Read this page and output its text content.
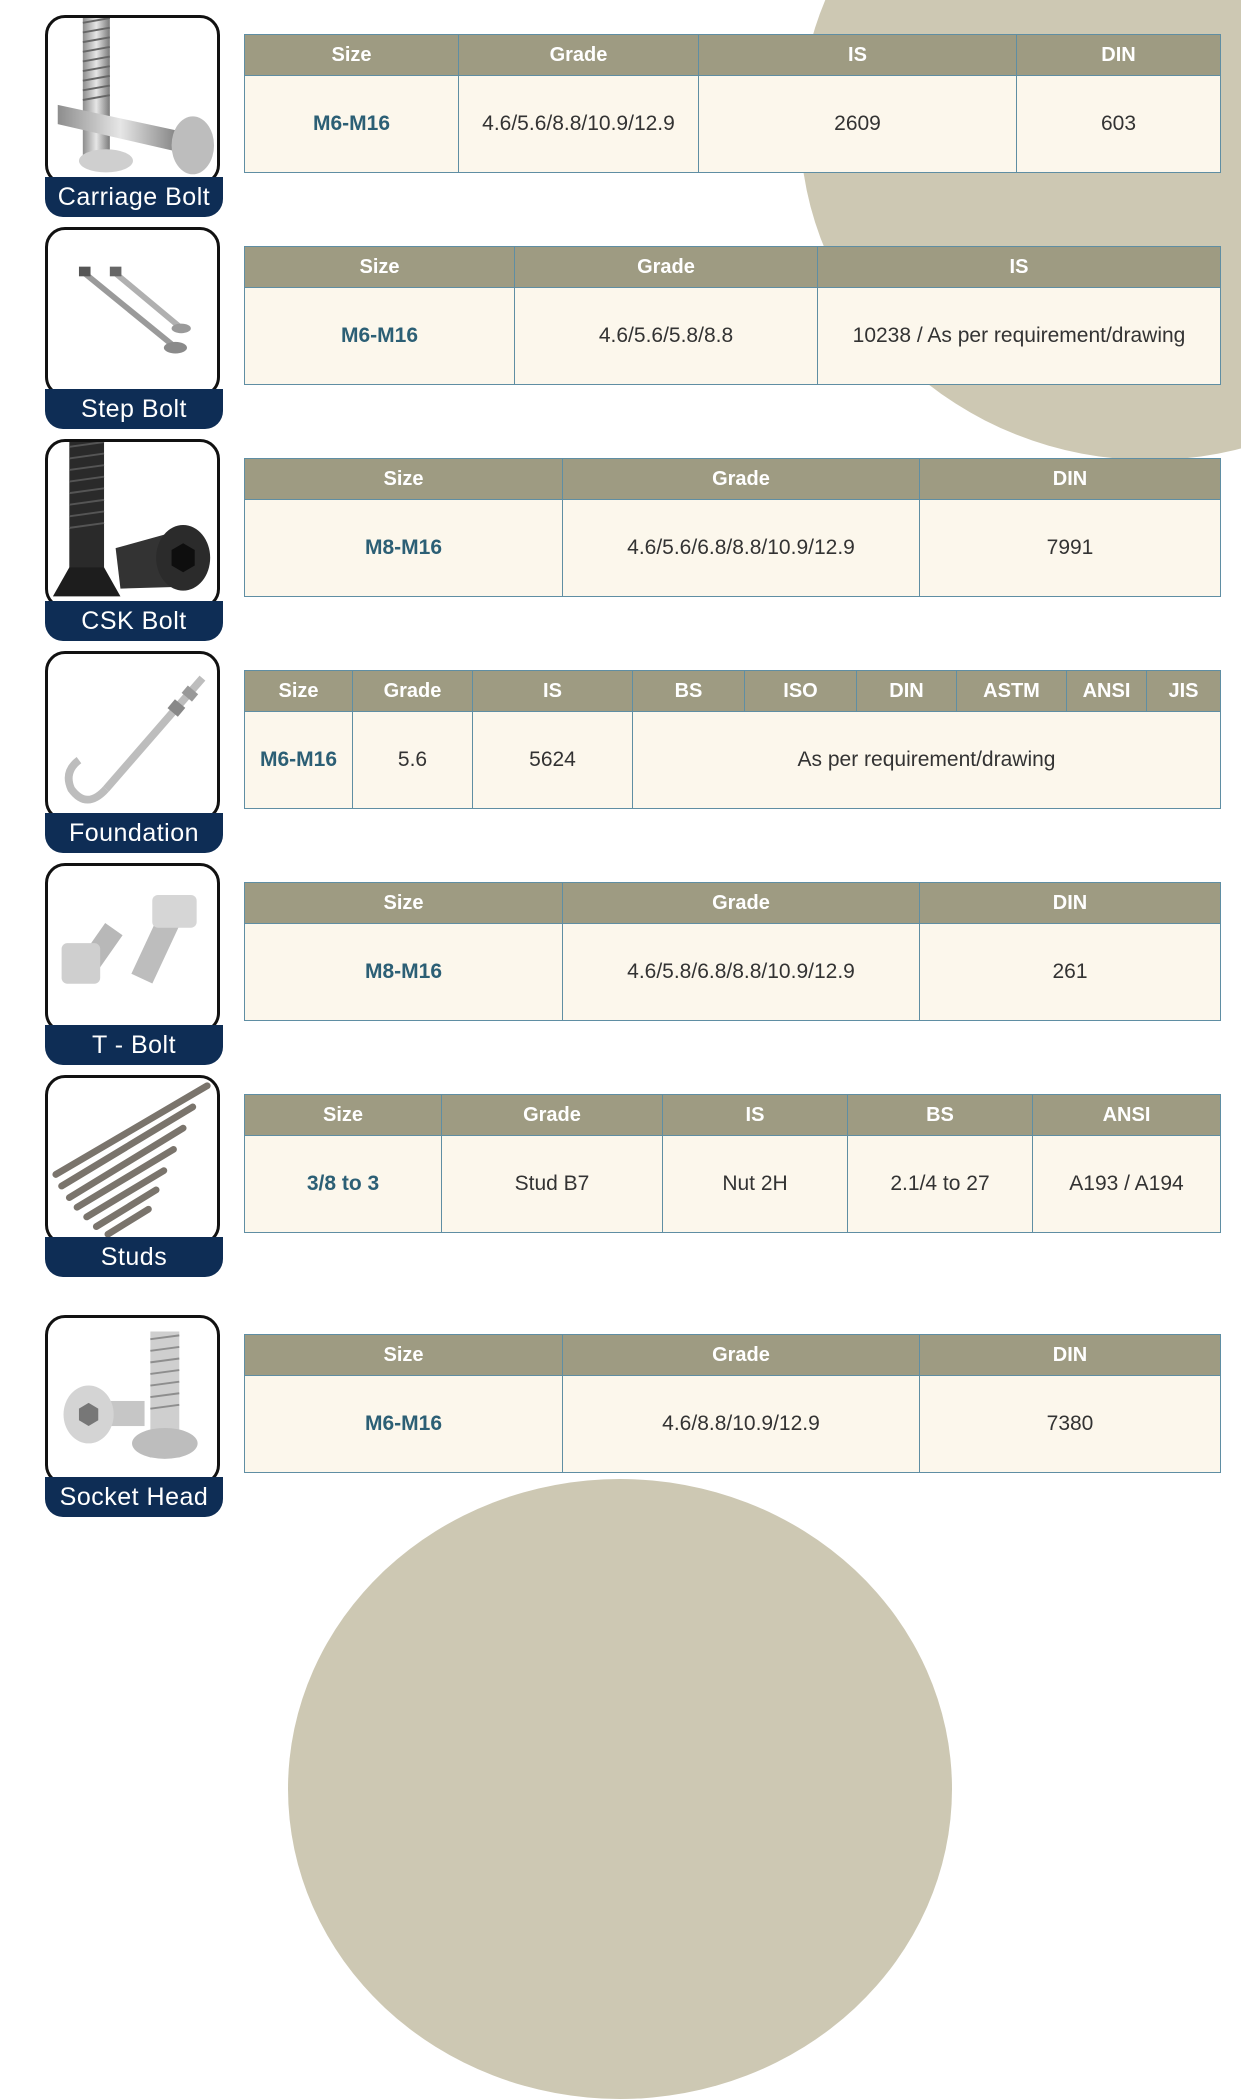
Carriage Bolt
Size	Grade	IS	DIN
M6-M16	4.6/5.6/8.8/10.9/12.9	2609	603
Step Bolt
Size	Grade	IS
M6-M16	4.6/5.6/5.8/8.8	10238 / As per requirement/drawing
CSK Bolt
Size	Grade	DIN
M8-M16	4.6/5.6/6.8/8.8/10.9/12.9	7991
Foundation
Size	Grade	IS	BS	ISO	DIN	ASTM	ANSI	JIS
M6-M16	5.6	5624	As per requirement/drawing					
T - Bolt
Size	Grade	DIN
M8-M16	4.6/5.8/6.8/8.8/10.9/12.9	261
Studs
Size	Grade	IS	BS	ANSI
3/8 to 3	Stud B7	Nut 2H	2.1/4 to 27	A193 / A194
Socket Head
Size	Grade	DIN
M6-M16	4.6/8.8/10.9/12.9	7380
